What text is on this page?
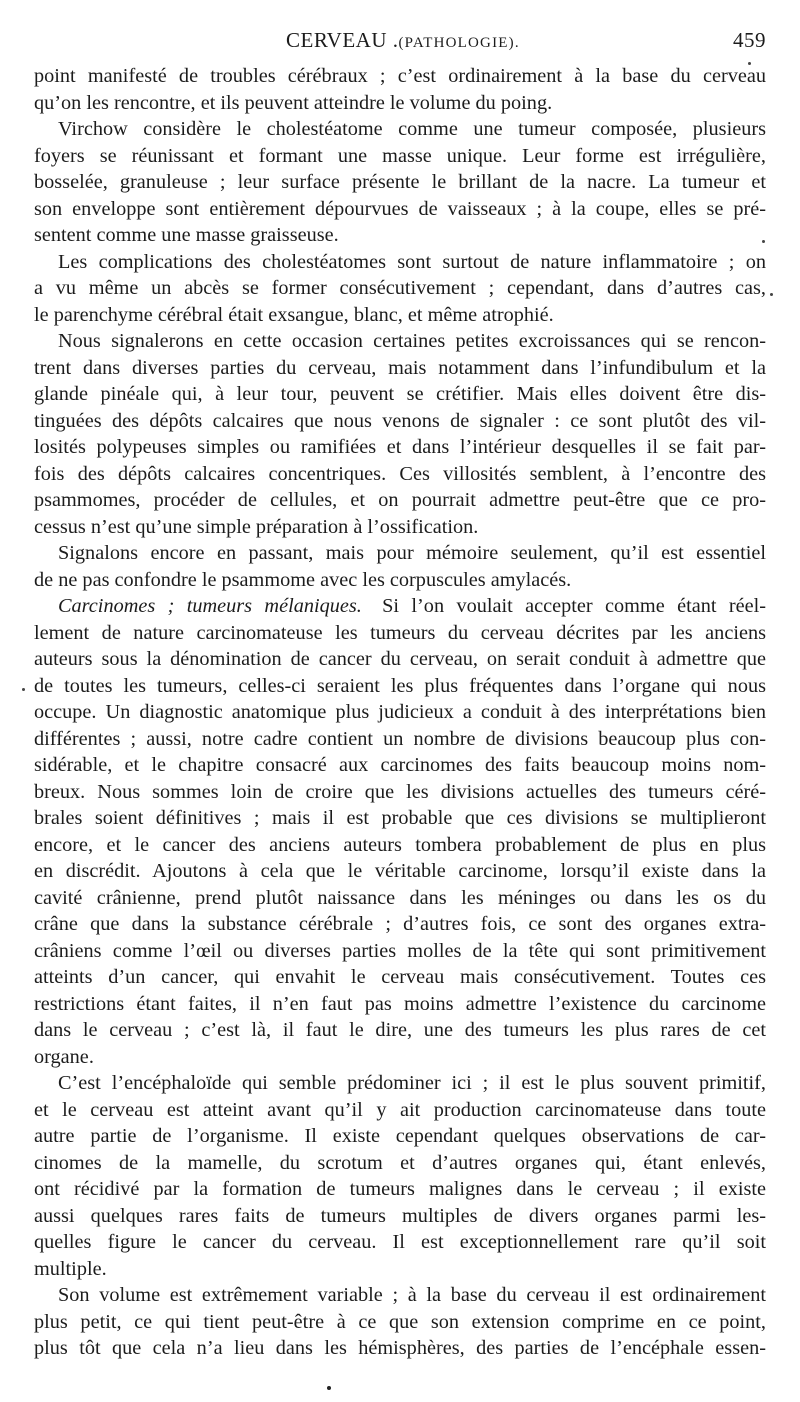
CERVEAU .(PATHOLOGIE).	459
point manifesté de troubles cérébraux ; c’est ordinairement à la base du cerveau
qu’on les rencontre, et ils peuvent atteindre le volume du poing.
Virchow considère le cholestéatome comme une tumeur composée, plusieurs
foyers se réunissant et formant une masse unique. Leur forme est irrégulière,
bosselée, granuleuse ; leur surface présente le brillant de la nacre. La tumeur et
son enveloppe sont entièrement dépourvues de vaisseaux ; à la coupe, elles se pré-
sentent comme une masse graisseuse.
Les complications des cholestéatomes sont surtout de nature inflammatoire ; on
a vu même un abcès se former consécutivement ; cependant, dans d’autres cas,
le parenchyme cérébral était exsangue, blanc, et même atrophié.
Nous signalerons en cette occasion certaines petites excroissances qui se rencon-
trent dans diverses parties du cerveau, mais notamment dans l’infundibulum et la
glande pinéale qui, à leur tour, peuvent se crétifier. Mais elles doivent être dis-
tinguées des dépôts calcaires que nous venons de signaler : ce sont plutôt des vil-
losités polypeuses simples ou ramifiées et dans l’intérieur desquelles il se fait par-
fois des dépôts calcaires concentriques. Ces villosités semblent, à l’encontre des
psammomes, procéder de cellules, et on pourrait admettre peut-être que ce pro-
cessus n’est qu’une simple préparation à l’ossification.
Signalons encore en passant, mais pour mémoire seulement, qu’il est essentiel
de ne pas confondre le psammome avec les corpuscules amylacés.
Carcinomes ; tumeurs mélaniques.   Si l’on voulait accepter comme étant réel-
lement de nature carcinomateuse les tumeurs du cerveau décrites par les anciens
auteurs sous la dénomination de cancer du cerveau, on serait conduit à admettre que
de toutes les tumeurs, celles-ci seraient les plus fréquentes dans l’organe qui nous
occupe. Un diagnostic anatomique plus judicieux a conduit à des interprétations bien
différentes ; aussi, notre cadre contient un nombre de divisions beaucoup plus con-
sidérable, et le chapitre consacré aux carcinomes des faits beaucoup moins nom-
breux. Nous sommes loin de croire que les divisions actuelles des tumeurs céré-
brales soient définitives ; mais il est probable que ces divisions se multiplieront
encore, et le cancer des anciens auteurs tombera probablement de plus en plus
en discrédit. Ajoutons à cela que le véritable carcinome, lorsqu’il existe dans la
cavité crânienne, prend plutôt naissance dans les méninges ou dans les os du
crâne que dans la substance cérébrale ; d’autres fois, ce sont des organes extra-
crâniens comme l’œil ou diverses parties molles de la tête qui sont primitivement
atteints d’un cancer, qui envahit le cerveau mais consécutivement. Toutes ces
restrictions étant faites, il n’en faut pas moins admettre l’existence du carcinome
dans le cerveau ; c’est là, il faut le dire, une des tumeurs les plus rares de cet
organe.
C’est l’encéphaloïde qui semble prédominer ici ; il est le plus souvent primitif,
et le cerveau est atteint avant qu’il y ait production carcinomateuse dans toute
autre partie de l’organisme. Il existe cependant quelques observations de car-
cinomes de la mamelle, du scrotum et d’autres organes qui, étant enlevés,
ont récidivé par la formation de tumeurs malignes dans le cerveau ; il existe
aussi quelques rares faits de tumeurs multiples de divers organes parmi les-
quelles figure le cancer du cerveau. Il est exceptionnellement rare qu’il soit
multiple.
Son volume est extrêmement variable ; à la base du cerveau il est ordinairement
plus petit, ce qui tient peut-être à ce que son extension comprime en ce point,
plus tôt que cela n’a lieu dans les hémisphères, des parties de l’encéphale essen-
